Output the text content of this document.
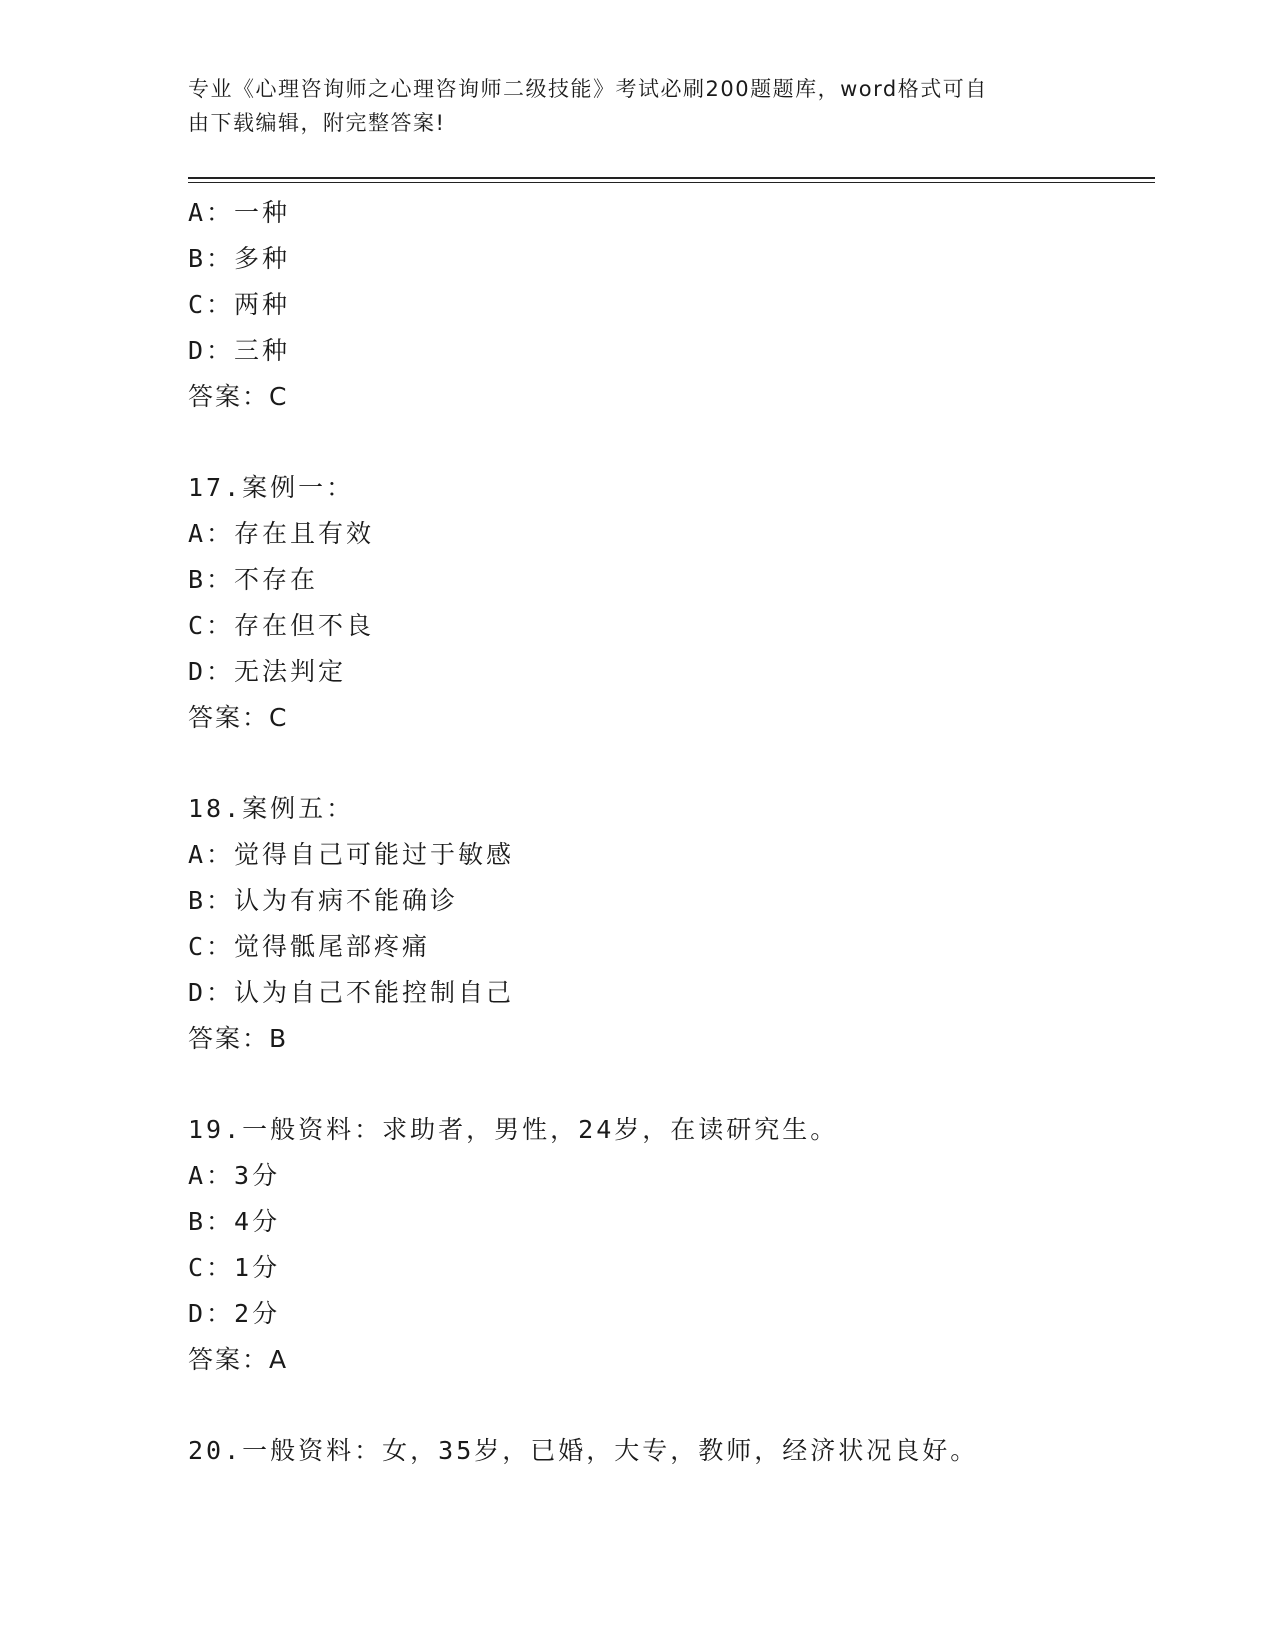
专业《心理咨询师之心理咨询师二级技能》考试必刷200题题库，word格式可自
由下载编辑，附完整答案!
A：一种
B：多种
C：两种
D：三种
答案：C
17.案例一：
A：存在且有效
B：不存在
C：存在但不良
D：无法判定
答案：C
18.案例五：
A：觉得自己可能过于敏感
B：认为有病不能确诊
C：觉得骶尾部疼痛
D：认为自己不能控制自己
答案：B
19.一般资料：求助者，男性，24岁，在读研究生。
A：3分
B：4分
C：1分
D：2分
答案：A
20.一般资料：女，35岁，已婚，大专，教师，经济状况良好。
